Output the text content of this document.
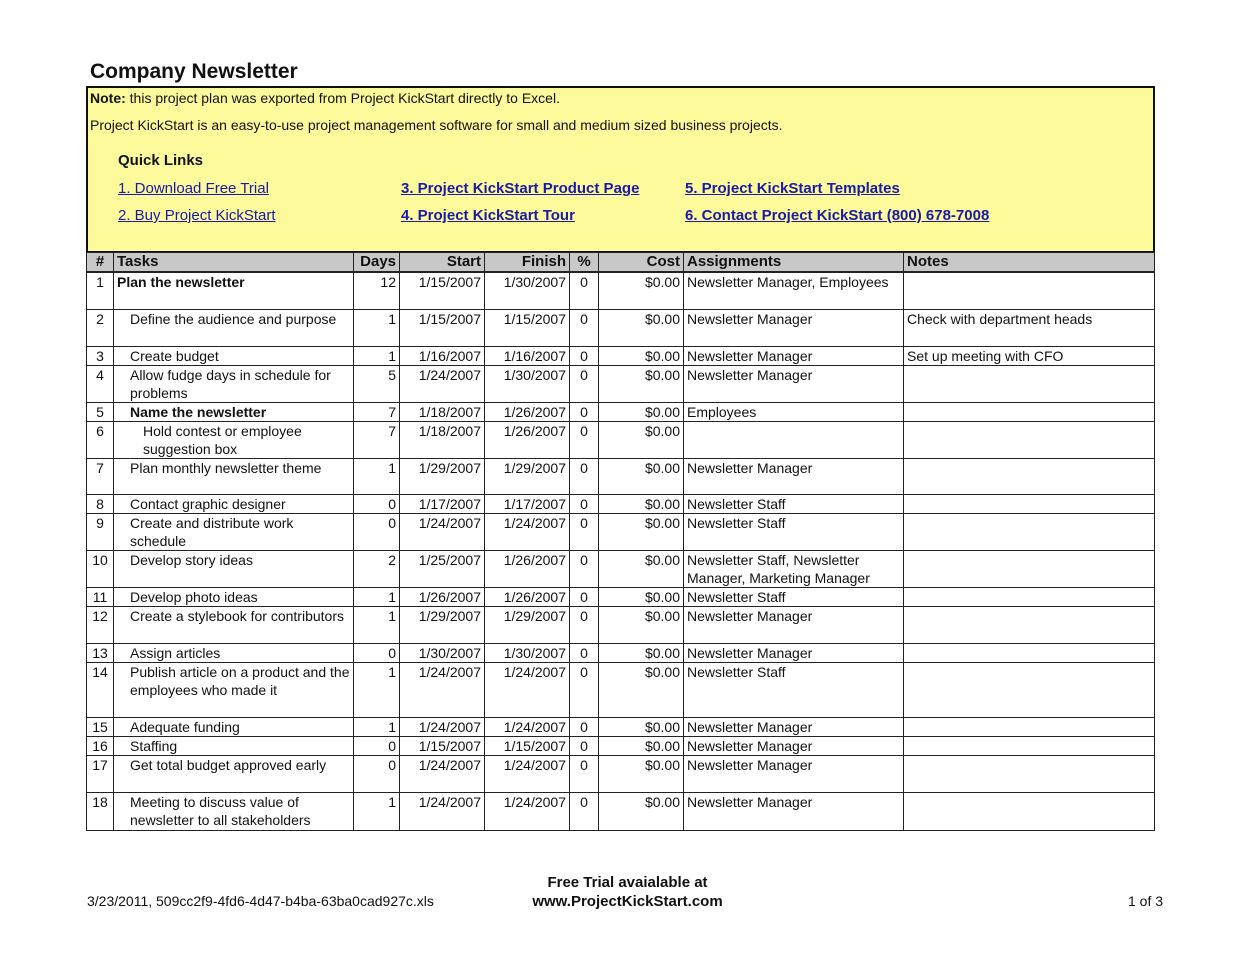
Company Newsletter
Note: this project plan was exported from Project KickStart directly to Excel.
Project KickStart is an easy-to-use project management software for small and medium sized business projects.
Quick Links
1. Download Free Trial
2. Buy Project KickStart
3. Project KickStart Product Page
4. Project KickStart Tour
5. Project KickStart Templates
6. Contact Project KickStart (800) 678-7008
#	Tasks	Days	Start	Finish	%	Cost	Assignments	Notes
1	Plan the newsletter	12	1/15/2007	1/30/2007	0	$0.00	Newsletter Manager, Employees	
2	Define the audience and purpose	1	1/15/2007	1/15/2007	0	$0.00	Newsletter Manager	Check with department heads
3	Create budget	1	1/16/2007	1/16/2007	0	$0.00	Newsletter Manager	Set up meeting with CFO
4	Allow fudge days in schedule for problems	5	1/24/2007	1/30/2007	0	$0.00	Newsletter Manager	
5	Name the newsletter	7	1/18/2007	1/26/2007	0	$0.00	Employees	
6	Hold contest or employee suggestion box	7	1/18/2007	1/26/2007	0	$0.00		
7	Plan monthly newsletter theme	1	1/29/2007	1/29/2007	0	$0.00	Newsletter Manager	
8	Contact graphic designer	0	1/17/2007	1/17/2007	0	$0.00	Newsletter Staff	
9	Create and distribute work schedule	0	1/24/2007	1/24/2007	0	$0.00	Newsletter Staff	
10	Develop story ideas	2	1/25/2007	1/26/2007	0	$0.00	Newsletter Staff, Newsletter Manager, Marketing Manager	
11	Develop photo ideas	1	1/26/2007	1/26/2007	0	$0.00	Newsletter Staff	
12	Create a stylebook for contributors	1	1/29/2007	1/29/2007	0	$0.00	Newsletter Manager	
13	Assign articles	0	1/30/2007	1/30/2007	0	$0.00	Newsletter Manager	
14	Publish article on a product and the employees who made it	1	1/24/2007	1/24/2007	0	$0.00	Newsletter Staff	
15	Adequate funding	1	1/24/2007	1/24/2007	0	$0.00	Newsletter Manager	
16	Staffing	0	1/15/2007	1/15/2007	0	$0.00	Newsletter Manager	
17	Get total budget approved early	0	1/24/2007	1/24/2007	0	$0.00	Newsletter Manager	
18	Meeting to discuss value of newsletter to all stakeholders	1	1/24/2007	1/24/2007	0	$0.00	Newsletter Manager	
3/23/2011, 509cc2f9-4fd6-4d47-b4ba-63ba0cad927c.xls
Free Trial avaialable at
www.ProjectKickStart.com	1 of 3
